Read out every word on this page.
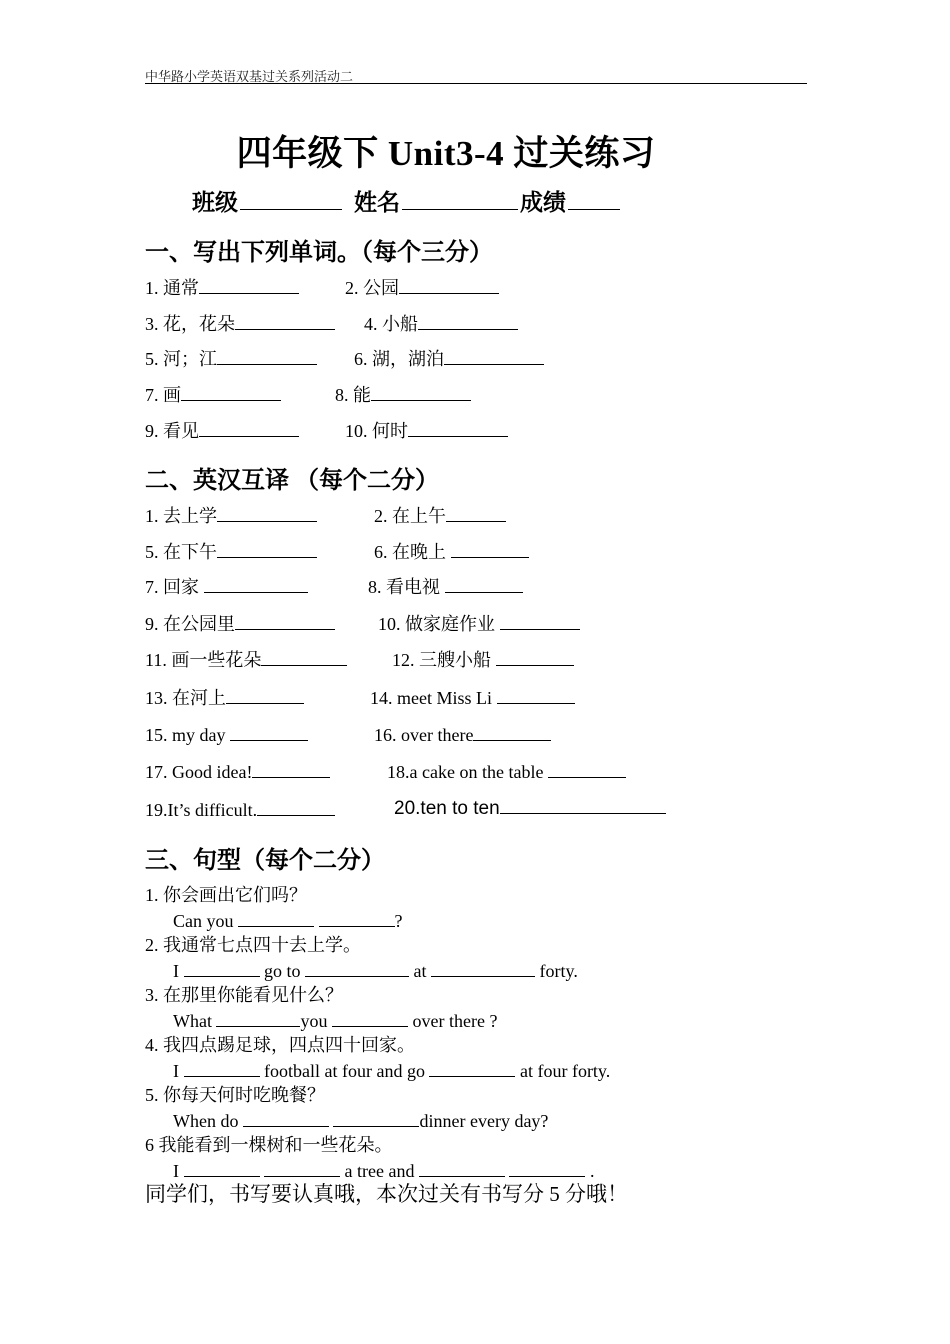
中华路小学英语双基过关系列活动二
四年级下 Unit3-4 过关练习
班级	姓名	成绩
一、写出下列单词。（每个三分）
1. 通常	2. 公园
3. 花，花朵	4. 小船
5. 河；江	6. 湖，湖泊
7. 画	8. 能
9. 看见	10. 何时
二、英汉互译 （每个二分）
1. 去上学	2. 在上午
5. 在下午	6. 在晚上
7. 回家	8. 看电视
9. 在公园里	10. 做家庭作业
11. 画一些花朵	12. 三艘小船
13. 在河上	14. meet Miss Li
15. my day	16. over there
17. Good idea!	18.a cake on the table
19.It’s difficult.	20.ten to ten
三、句型（每个二分）
1. 你会画出它们吗？
Can you	?
2. 我通常七点四十去上学。
I	go to	at	forty.
3. 在那里你能看见什么？
What	you	over there ?
4. 我四点踢足球，四点四十回家。
I	football at four and go	at four forty.
5. 你每天何时吃晚餐？
When do	dinner every day?
6 我能看到一棵树和一些花朵。
I	a tree and	.
同学们，书写要认真哦，本次过关有书写分 5 分哦！
